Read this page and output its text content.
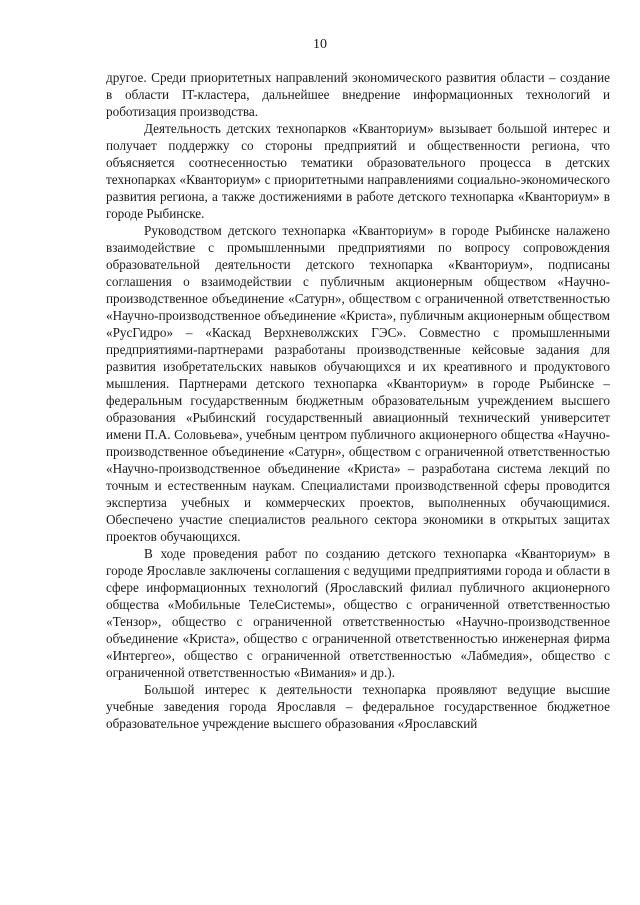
10

другое. Среди приоритетных направлений экономического развития области – создание в области IT-кластера, дальнейшее внедрение информационных технологий и роботизация производства.

Деятельность детских технопарков «Кванториум» вызывает большой интерес и получает поддержку со стороны предприятий и общественности региона, что объясняется соотнесенностью тематики образовательного процесса в детских технопарках «Кванториум» с приоритетными направлениями социально-экономического развития региона, а также достижениями в работе детского технопарка «Кванториум» в городе Рыбинске.

Руководством детского технопарка «Кванториум» в городе Рыбинске налажено взаимодействие с промышленными предприятиями по вопросу сопровождения образовательной деятельности детского технопарка «Кванториум», подписаны соглашения о взаимодействии с публичным акционерным обществом «Научно-производственное объединение «Сатурн», обществом с ограниченной ответственностью «Научно-производственное объединение «Криста», публичным акционерным обществом «РусГидро» – «Каскад Верхневолжских ГЭС». Совместно с промышленными предприятиями-партнерами разработаны производственные кейсовые задания для развития изобретательских навыков обучающихся и их креативного и продуктового мышления. Партнерами детского технопарка «Кванториум» в городе Рыбинске – федеральным государственным бюджетным образовательным учреждением высшего образования «Рыбинский государственный авиационный технический университет имени П.А. Соловьева», учебным центром публичного акционерного общества «Научно-производственное объединение «Сатурн», обществом с ограниченной ответственностью «Научно-производственное объединение «Криста» – разработана система лекций по точным и естественным наукам. Специалистами производственной сферы проводится экспертиза учебных и коммерческих проектов, выполненных обучающимися. Обеспечено участие специалистов реального сектора экономики в открытых защитах проектов обучающихся.

В ходе проведения работ по созданию детского технопарка «Кванториум» в городе Ярославле заключены соглашения с ведущими предприятиями города и области в сфере информационных технологий (Ярославский филиал публичного акционерного общества «Мобильные ТелеСистемы», общество с ограниченной ответственностью «Тензор», общество с ограниченной ответственностью «Научно-производственное объединение «Криста», общество с ограниченной ответственностью инженерная фирма «Интергео», общество с ограниченной ответственностью «Лабмедия», общество с ограниченной ответственностью «Вимания» и др.).

Большой интерес к деятельности технопарка проявляют ведущие высшие учебные заведения города Ярославля – федеральное государственное бюджетное образовательное учреждение высшего образования «Ярославский
